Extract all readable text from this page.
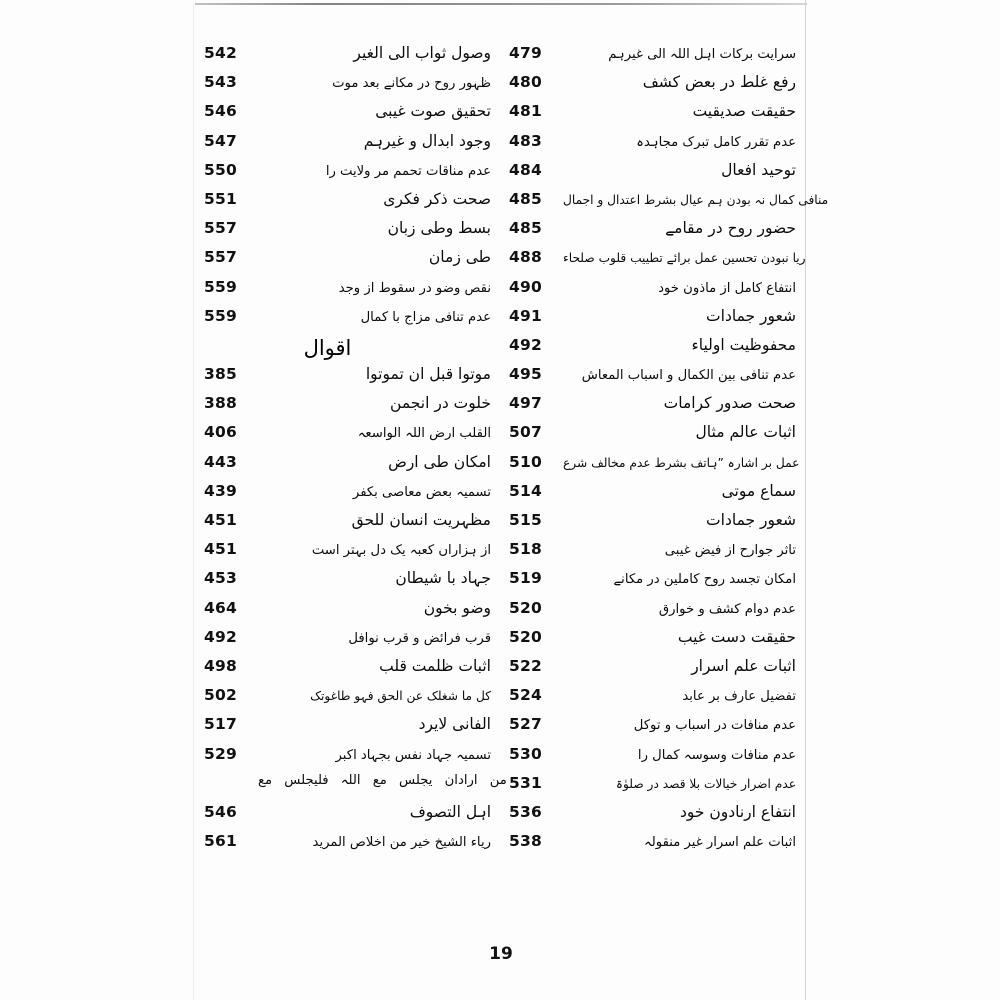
542	وصول ثواب الی الغیر
543	ظہور روح در مکانے بعد موت
546	تحقیق صوت غیبی
547	وجود ابدال و غیرہم
550	عدم مناقات تحمم مر ولایت را
551	صحت ذکر فکری
557	بسط وطی زبان
557	طی زمان
559	نقص وضو در سقوط از وجد
559	عدم تنافی مزاج با کمال
اقوال
385	موتوا قبل ان تموتوا
388	خلوت در انجمن
406	القلب ارض اللہ الواسعہ
443	امکان طی ارض
439	تسمیہ بعض معاصی بکفر
451	مظہریت انسان للحق
451	از ہزاراں کعبہ یک دل بہتر است
453	جہاد با شیطان
464	وضو بخون
492	قرب فرائض و قرب نوافل
498	اثبات ظلمت قلب
502	کل ما شغلک عن الحق فہو طاغوتک
517	الفانی لایرد
529	تسمیہ جہاد نفس بجہاد اکبر
من ارادان یجلس مع اللہ فلیجلس مع
546	اہل التصوف
561	ریاء الشیخ خیر من اخلاص المرید
479	سرایت برکات اہل اللہ الی غیرہم
480	رفع غلط در بعض کشف
481	حقیقت صدیقیت
483	عدم تقرر کامل تبرک مجاہدہ
484	توحید افعال
485	منافی کمال نہ بودن ہم عیال بشرط اعتدال و اجمال
485	حضور روح در مقامے
488	ریا نبودن تحسین عمل برائے تطییب قلوب صلحاء
490	انتفاع کامل از ماذون خود
491	شعور جمادات
492	محفوظیت اولیاء
495	عدم تنافی بین الکمال و اسباب المعاش
497	صحت صدور کرامات
507	اثبات عالم مثال
510	عمل بر اشارہ ”ہاتف بشرط عدم مخالف شرع
514	سماع موتی
515	شعور جمادات
518	تاثر جوارح از فیض غیبی
519	امکان تجسد روح کاملین در مکانے
520	عدم دوام کشف و خوارق
520	حقیقت دست غیب
522	اثبات علم اسرار
524	تفضیل عارف بر عابد
527	عدم منافات در اسباب و توکل
530	عدم منافات وسوسہ کمال را
531	عدم اضرار خیالات بلا قصد در صلوٰۃ
536	انتفاع ارنادون خود
538	اثبات علم اسرار غیر منقولہ
19
